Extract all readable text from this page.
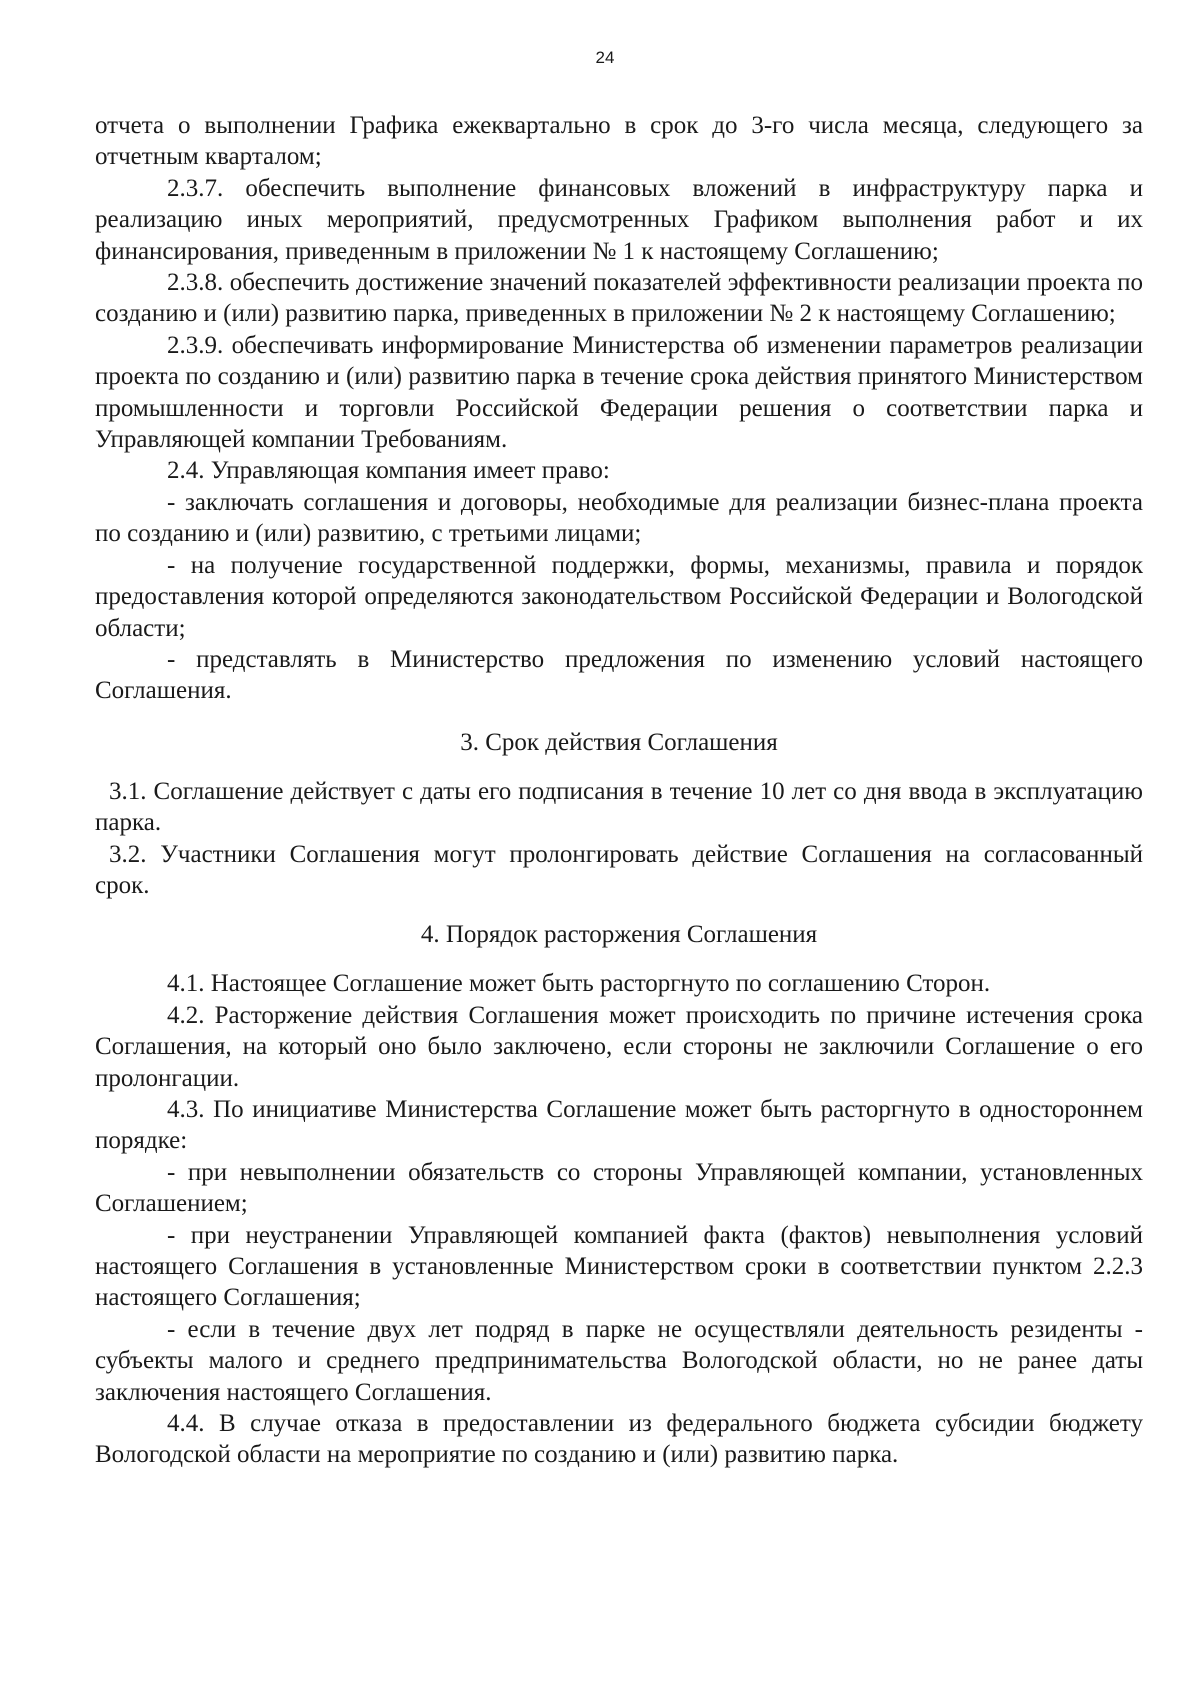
24

отчета о выполнении Графика ежеквартально в срок до 3-го числа месяца, следующего за отчетным кварталом;

2.3.7. обеспечить выполнение финансовых вложений в инфраструктуру парка и реализацию иных мероприятий, предусмотренных Графиком выполнения работ и их финансирования, приведенным в приложении № 1 к настоящему Соглашению;

2.3.8. обеспечить достижение значений показателей эффективности реализации проекта по созданию и (или) развитию парка, приведенных в приложении № 2 к настоящему Соглашению;

2.3.9. обеспечивать информирование Министерства об изменении параметров реализации проекта по созданию и (или) развитию парка в течение срока действия принятого Министерством промышленности и торговли Российской Федерации решения о соответствии парка и Управляющей компании Требованиям.

2.4. Управляющая компания имеет право:

- заключать соглашения и договоры, необходимые для реализации бизнес-плана проекта по созданию и (или) развитию, с третьими лицами;

- на получение государственной поддержки, формы, механизмы, правила и порядок предоставления которой определяются законодательством Российской Федерации и Вологодской области;

- представлять в Министерство предложения по изменению условий настоящего Соглашения.

3. Срок действия Соглашения

3.1. Соглашение действует с даты его подписания в течение 10 лет со дня ввода в эксплуатацию парка.

3.2. Участники Соглашения могут пролонгировать действие Соглашения на согласованный срок.

4. Порядок расторжения Соглашения

4.1. Настоящее Соглашение может быть расторгнуто по соглашению Сторон.

4.2. Расторжение действия Соглашения может происходить по причине истечения срока Соглашения, на который оно было заключено, если стороны не заключили Соглашение о его пролонгации.

4.3. По инициативе Министерства Соглашение может быть расторгнуто в одностороннем порядке:

- при невыполнении обязательств со стороны Управляющей компании, установленных Соглашением;

- при неустранении Управляющей компанией факта (фактов) невыполнения условий настоящего Соглашения в установленные Министерством сроки в соответствии пунктом 2.2.3 настоящего Соглашения;

- если в течение двух лет подряд в парке не осуществляли деятельность резиденты - субъекты малого и среднего предпринимательства Вологодской области, но не ранее даты заключения настоящего Соглашения.

4.4. В случае отказа в предоставлении из федерального бюджета субсидии бюджету Вологодской области на мероприятие по созданию и (или) развитию парка.
